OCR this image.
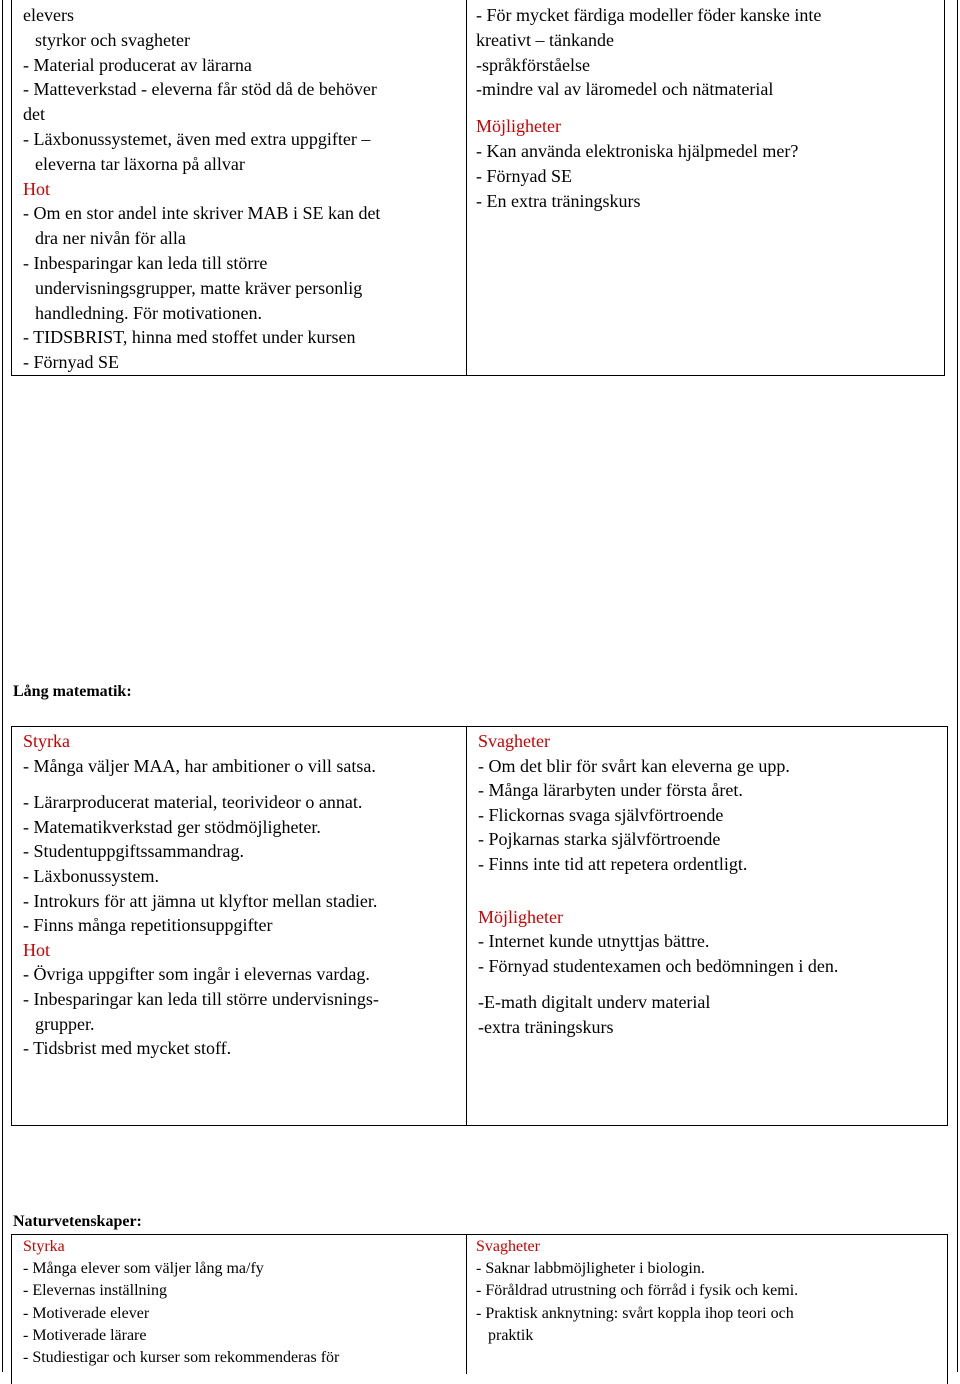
elevers
styrkor och svagheter
- Material producerat av lärarna
- Matteverkstad - eleverna får stöd då de behöver
det
- Läxbonussystemet, även med extra uppgifter –
eleverna tar läxorna på allvar
Hot
- Om en stor andel inte skriver MAB i SE kan det
dra ner nivån för alla
- Inbesparingar kan leda till större
undervisningsgrupper, matte kräver personlig
handledning. För motivationen.
- TIDSBRIST, hinna med stoffet under kursen
- Förnyad SE
- För mycket färdiga modeller föder kanske inte
kreativt – tänkande
-språkförståelse
-mindre val av läromedel och nätmaterial
Möjligheter
- Kan använda elektroniska hjälpmedel mer?
- Förnyad SE
- En extra träningskurs
Lång matematik:
Styrka
- Många väljer MAA, har ambitioner o vill satsa.
- Lärarproducerat material, teorivideor o annat.
- Matematikverkstad ger stödmöjligheter.
- Studentuppgiftssammandrag.
- Läxbonussystem.
- Introkurs för att jämna ut klyftor mellan stadier.
- Finns många repetitionsuppgifter
Hot
- Övriga uppgifter som ingår i elevernas vardag.
- Inbesparingar kan leda till större undervisnings-
grupper.
- Tidsbrist med mycket stoff.
Svagheter
- Om det blir för svårt kan eleverna ge upp.
- Många lärarbyten under första året.
- Flickornas svaga självförtroende
- Pojkarnas starka självförtroende
- Finns inte tid att repetera ordentligt.
Möjligheter
- Internet kunde utnyttjas bättre.
- Förnyad studentexamen och bedömningen i den.
-E-math digitalt underv material
-extra träningskurs
Naturvetenskaper:
Styrka
- Många elever som väljer lång ma/fy
- Elevernas inställning
- Motiverade elever
- Motiverade lärare
- Studiestigar och kurser som rekommenderas för
Svagheter
- Saknar labbmöjligheter i biologin.
- Föråldrad utrustning och förråd i fysik och kemi.
- Praktisk anknytning: svårt koppla ihop teori och
praktik
